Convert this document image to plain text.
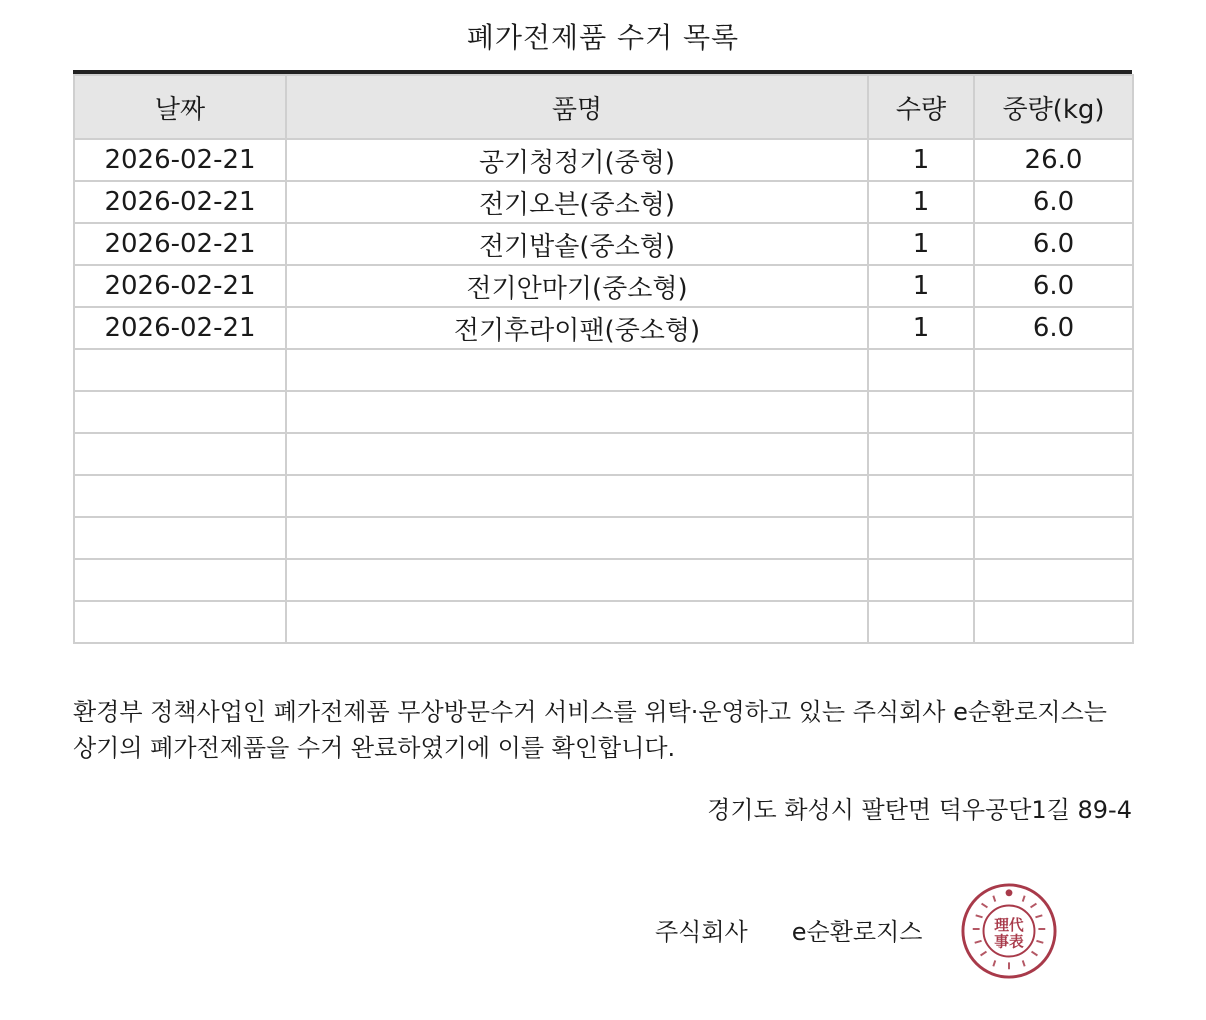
폐가전제품 수거 목록
날짜	품명	수량	중량(kg)
2026-02-21	공기청정기(중형)	1	26.0
2026-02-21	전기오븐(중소형)	1	6.0
2026-02-21	전기밥솥(중소형)	1	6.0
2026-02-21	전기안마기(중소형)	1	6.0
2026-02-21	전기후라이팬(중소형)	1	6.0

환경부 정책사업인 폐가전제품 무상방문수거 서비스를 위탁·운영하고 있는 주식회사 e순환로지스는 상기의 폐가전제품을 수거 완료하였기에 이를 확인합니다.
경기도 화성시 팔탄면 덕우공단1길 89-4
주식회사 e순환로지스	理代
事表
